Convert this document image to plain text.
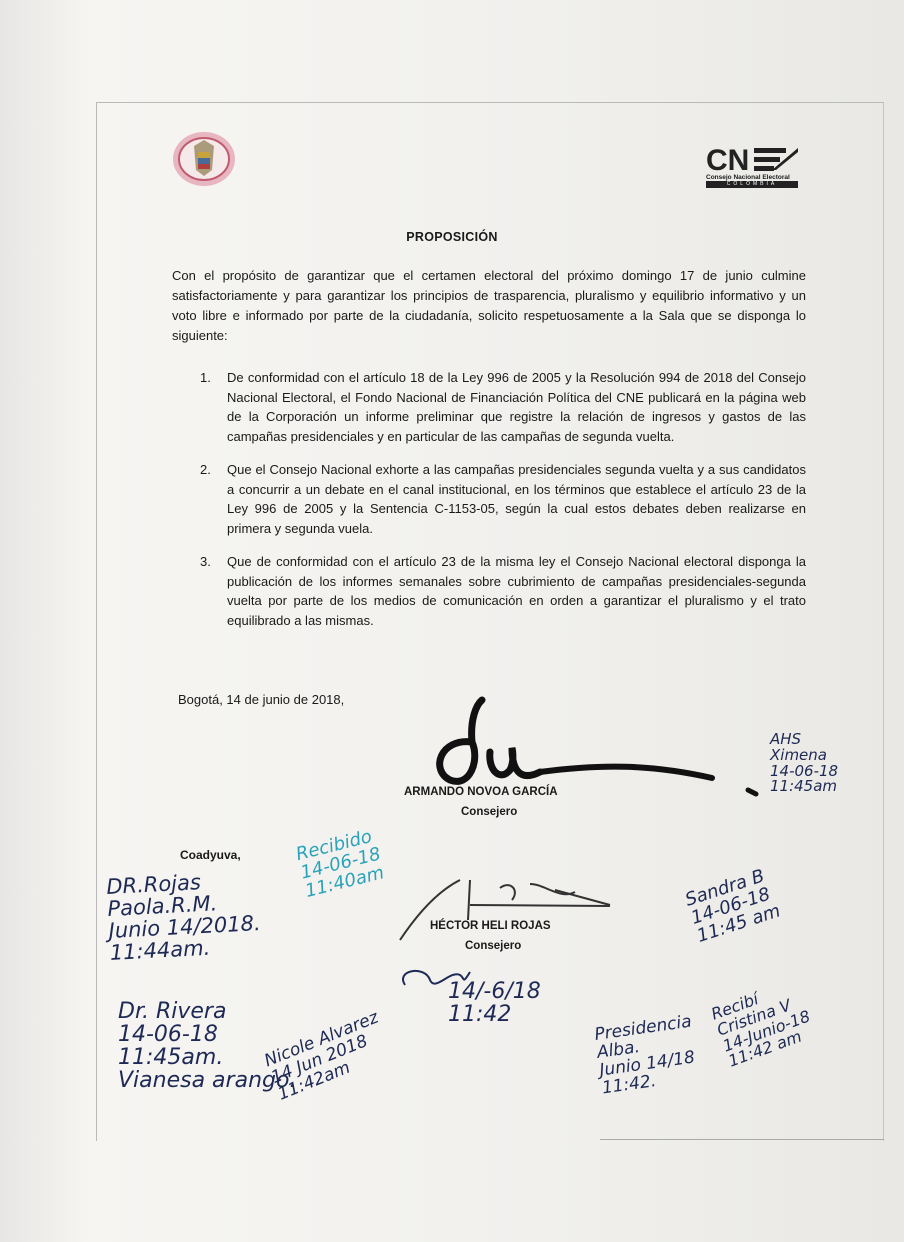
CN
Consejo Nacional Electoral
COLOMBIA
PROPOSICIÓN
Con el propósito de garantizar que el certamen electoral del próximo domingo 17 de junio culmine satisfactoriamente y para garantizar los principios de trasparencia, pluralismo y equilibrio informativo y un voto libre e informado por parte de la ciudadanía, solicito respetuosamente a la Sala que se disponga lo siguiente:
1.	De conformidad con el artículo 18 de la Ley 996 de 2005 y la Resolución 994 de 2018 del Consejo Nacional Electoral, el Fondo Nacional de Financiación Política del CNE publicará en la página web de la Corporación un informe preliminar que registre la relación de ingresos y gastos de las campañas presidenciales y en particular de las campañas de segunda vuelta.
2.	Que el Consejo Nacional exhorte a las campañas presidenciales segunda vuelta y a sus candidatos a concurrir a un debate en el canal institucional, en los términos que establece el artículo 23 de la Ley 996 de 2005 y la Sentencia C-1153-05, según la cual estos debates deben realizarse en primera y segunda vuela.
3.	Que de conformidad con el artículo 23 de la misma ley el Consejo Nacional electoral disponga la publicación de los informes semanales sobre cubrimiento de campañas presidenciales-segunda vuelta por parte de los medios de comunicación en orden a garantizar el pluralismo y el trato equilibrado a las mismas.
Bogotá, 14 de junio de 2018,
ARMANDO NOVOA GARCÍA
Consejero
Coadyuva,
HÉCTOR HELI ROJAS
Consejero
AHS
Ximena
14-06-18
11:45am
DR.Rojas
Paola.R.M.
Junio 14/2018.
11:44am.
Recibido
14-06-18
11:40am	Sandra B
14-06-18
11:45 am
14/-6/18
11:42
Dr. Rivera
14-06-18
11:45am.
Vianesa arango.
Nicole Alvarez
14 Jun 2018
11:42am
Presidencia
Alba.
Junio 14/18
11:42.
Recibí
Cristina V
14-Junio-18
11:42 am
